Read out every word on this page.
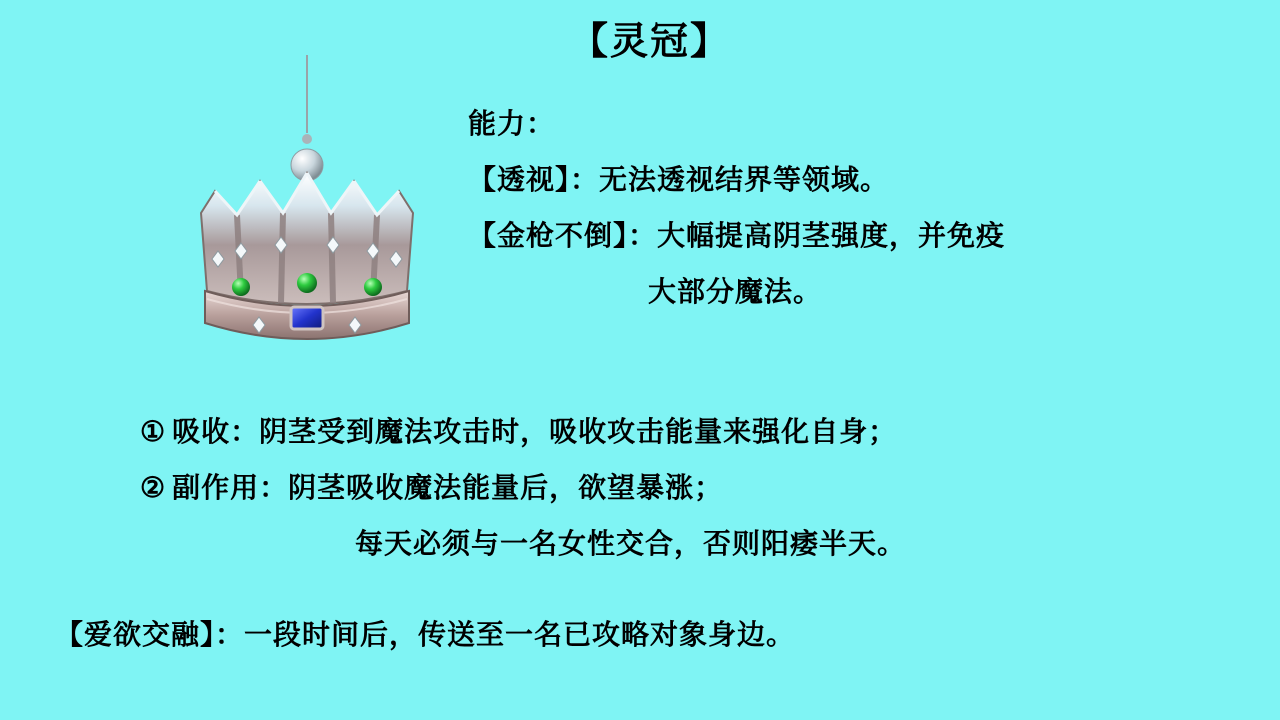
【灵冠】
能力：
【透视】：无法透视结界等领域。
【金枪不倒】：大幅提高阴茎强度，并免疫
大部分魔法。
① 吸收：阴茎受到魔法攻击时，吸收攻击能量来强化自身；
② 副作用：阴茎吸收魔法能量后，欲望暴涨；
每天必须与一名女性交合，否则阳痿半天。
【爱欲交融】：一段时间后，传送至一名已攻略对象身边。
